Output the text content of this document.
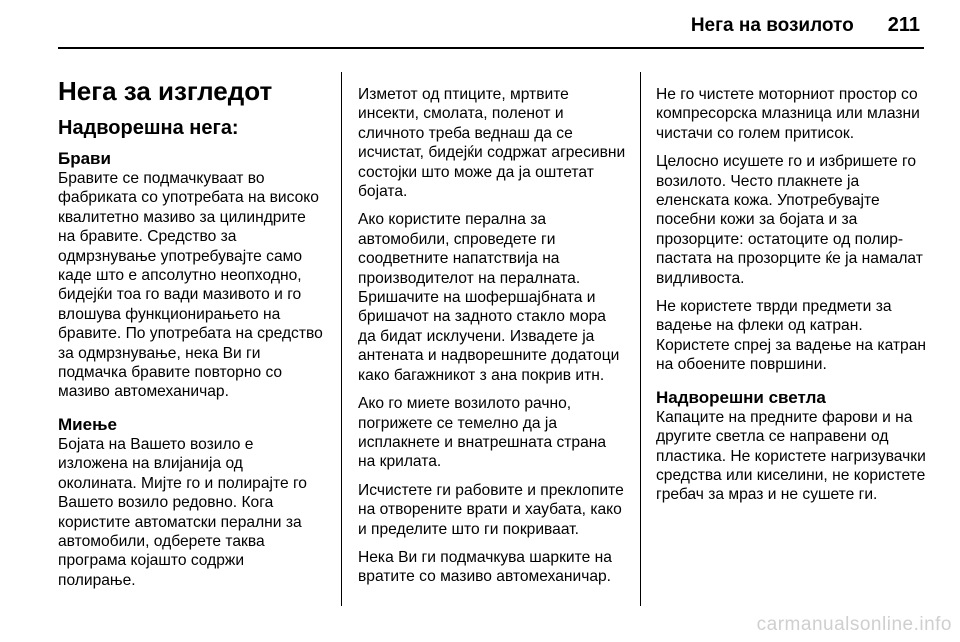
Нега на возилото 211
Нега за изгледот
Надворешна нега:
Брави

Бравите се подмачкуваат во фабриката со употребата на високо квалитетно мазиво за цилиндрите на бравите. Средство за одмрзнување употребувајте само каде што е апсолутно неопходно, бидејќи тоа го вади мазивото и го влошува функционирањето на бравите. По употребата на средство за одмрзнување, нека Ви ги подмачка бравите повторно со мазиво автомеханичар.

Миење

Бојата на Вашето возило е изложена на влијанија од околината. Мијте го и полирајте го Вашето возило редовно. Кога користите автоматски перални за автомобили, одберете таква програма којашто содржи полирање.

Изметот од птиците, мртвите инсекти, смолата, поленот и сличното треба веднаш да се исчистат, бидејќи содржат агресивни состојки што може да ја оштетат бојата.

Ако користите перална за автомобили, спроведете ги соодветните напатствија на производителот на пералната. Бришачите на шофершајбната и бришачот на задното стакло мора да бидат исклучени. Извадете ја антената и надворешните додатоци како багажникот з ана покрив итн.

Ако го миете возилото рачно, погрижете се темелно да ја исплакнете и внатрешната страна на крилата.

Исчистете ги рабовите и преклопите на отворените врати и хаубата, како и пределите што ги покриваат.

Нека Ви ги подмачкува шарките на вратите со мазиво автомеханичар.

Не го чистете моторниот простор со компресорска млазница или млазни чистачи со голем притисок.

Целосно исушете го и избришете го возилото. Често плакнете ја еленската кожа. Употребувајте посебни кожи за бојата и за прозорците: остатоците од полир-пастата на прозорците ќе ја намалат видливоста.

Не користете тврди предмети за вадење на флеки од катран. Користете спреј за вадење на катран на обоените површини.

Надворешни светла

Капаците на предните фарови и на другите светла се направени од пластика. Не користете нагризувачки средства или киселини, не користете гребач за мраз и не сушете ги.

carmanualsonline.info
